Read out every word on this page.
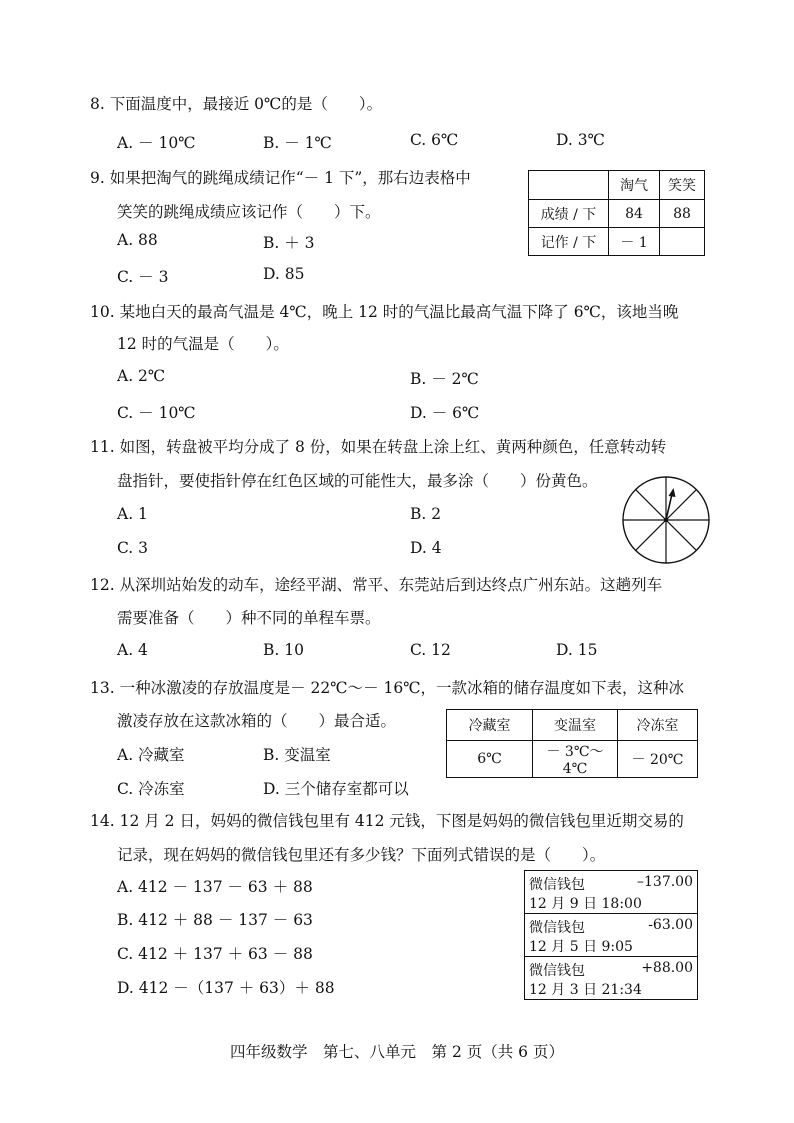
8. 下面温度中，最接近 0℃的是（　　）。
A. － 10℃	B. － 1℃	C. 6℃	D. 3℃
9. 如果把淘气的跳绳成绩记作“－ 1 下”，那右边表格中
笑笑的跳绳成绩应该记作（　　）下。
A. 88	B. ＋ 3
C. － 3	D. 85
	淘气	笑笑
成绩 / 下	84	88
记作 / 下	－ 1	
10. 某地白天的最高气温是 4℃，晚上 12 时的气温比最高气温下降了 6℃，该地当晚
12 时的气温是（　　）。
A. 2℃	B. － 2℃
C. － 10℃	D. － 6℃
11. 如图，转盘被平均分成了 8 份，如果在转盘上涂上红、黄两种颜色，任意转动转
盘指针，要使指针停在红色区域的可能性大，最多涂（　　）份黄色。
A. 1	B. 2
C. 3	D. 4
12. 从深圳站始发的动车，途经平湖、常平、东莞站后到达终点广州东站。这趟列车
需要准备（　　）种不同的单程车票。
A. 4	B. 10	C. 12	D. 15
13. 一种冰激凌的存放温度是－ 22℃～－ 16℃，一款冰箱的储存温度如下表，这种冰
激凌存放在这款冰箱的（　　）最合适。
A. 冷藏室	B. 变温室
C. 冷冻室	D. 三个储存室都可以
冷藏室	变温室	冷冻室
6℃	－ 3℃～ 4℃	－ 20℃
14. 12 月 2 日，妈妈的微信钱包里有 412 元钱，下图是妈妈的微信钱包里近期交易的
记录，现在妈妈的微信钱包里还有多少钱？下面列式错误的是（　　）。
A. 412 － 137 － 63 ＋ 88
B. 412 ＋ 88 － 137 － 63
C. 412 ＋ 137 ＋ 63 － 88
D. 412 －（137 ＋ 63）＋ 88
微信钱包	–137.00
12 月 9 日 18:00
微信钱包	-63.00
12 月 5 日 9:05
微信钱包	+88.00
12 月 3 日 21:34
四年级数学　第七、八单元　第 2 页（共 6 页）
